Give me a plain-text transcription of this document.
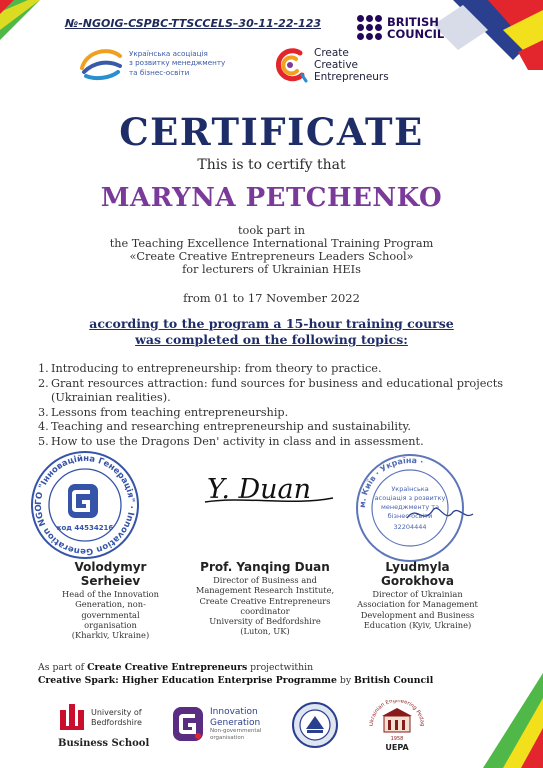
№-NGOIG-CSPBC-TTSCCELS–30-11-22-123	BRITISH
COUNCIL
Українська асоціація
з розвитку менеджменту
та бізнес-освіти
Create
Creative
Entrepreneurs
CERTIFICATE
This is to certify that
MARYNA PETCHENKO
took part in
the Teaching Excellence International Training Program
«Create Creative Entrepreneurs Leaders School»
for lecturers of Ukrainian HEIs
from 01 to 17 November 2022
according to the program a 15-hour training course
was completed on the following topics:
1. Introducing to entrepreneurship: from theory to practice.
2. Grant resources attraction: fund sources for business and educational projects (Ukrainian realities).
3. Lessons from teaching entrepreneurship.
4. Teaching and researching entrepreneurship and sustainability.
5. How to use the Dragons Den' activity in class and in assessment.
ГО "Інноваційна Генерація" · Innovation Generation NGO
код 44534216
Y. Duan	м. Київ · Україна ·
Українська
асоціація з розвитку
менеджменту та
бізнес-освіти
32204444
Volodymyr
Serheiev
Head of the Innovation
Generation, non-governmental
organisation
(Kharkiv, Ukraine)
Prof. Yanqing Duan
Director of Business and
Management Research Institute,
Create Creative Entrepreneurs
coordinator
University of Bedfordshire
(Luton, UK)
Lyudmyla
Gorokhova
Director of Ukrainian
Association for Management
Development and Business
Education (Kyiv, Ukraine)
As part of Create Creative Entrepreneurs projectwithin
Creative Spark: Higher Education Enterprise Programme by British Council
University of
Bedfordshire
Business School
Innovation
Generation
Non-governmental
organisation
Ukrainian Engineering Pedag
1958
UEPA
